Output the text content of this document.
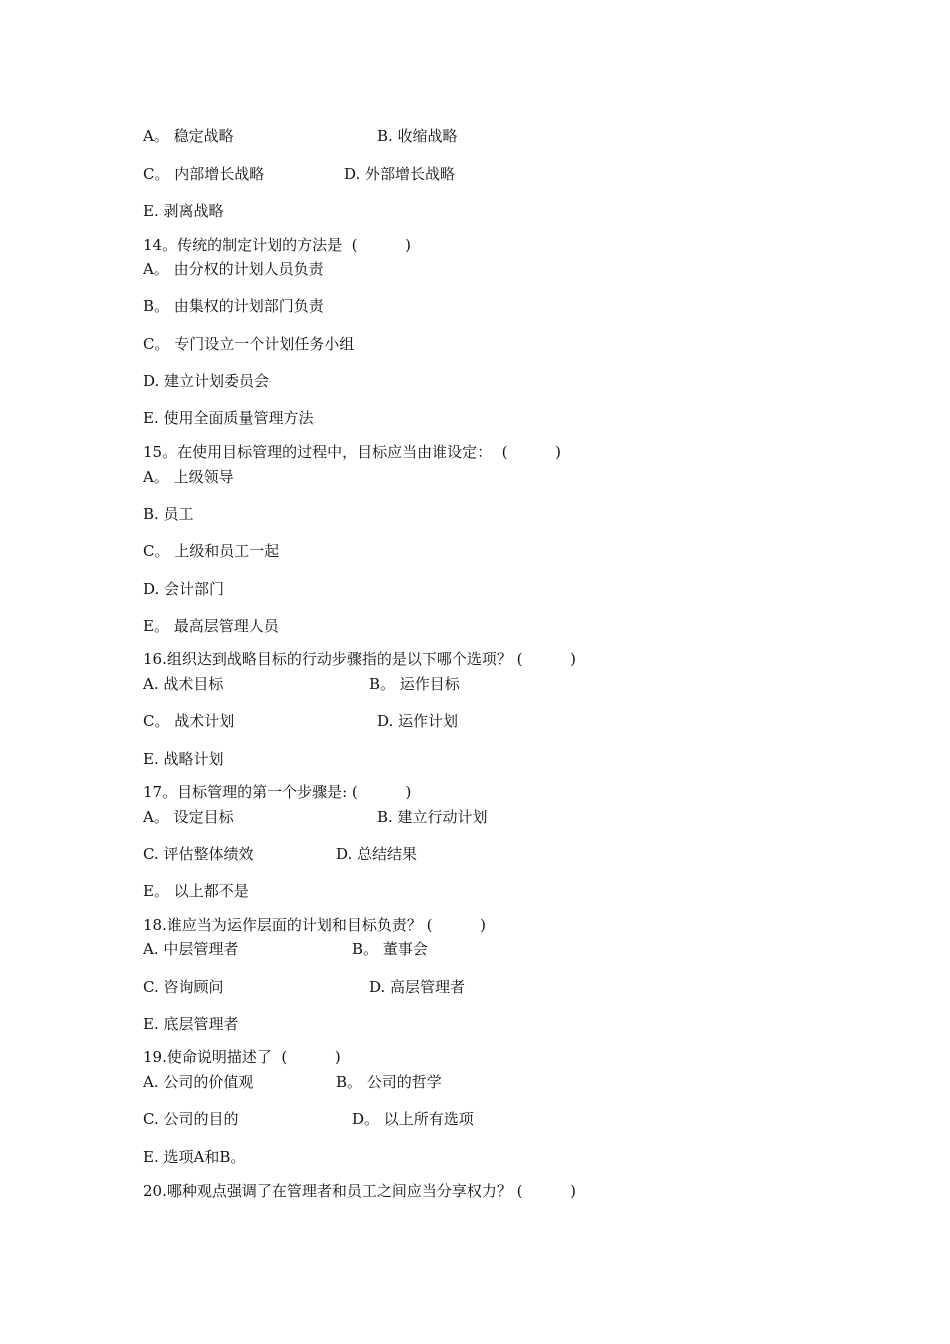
A。 稳定战略	B. 收缩战略
C。 内部增长战略	D. 外部增长战略
E. 剥离战略
14。传统的制定计划的方法是  (          )
A。 由分权的计划人员负责
B。 由集权的计划部门负责
C。 专门设立一个计划任务小组
D. 建立计划委员会
E. 使用全面质量管理方法
15。在使用目标管理的过程中，目标应当由谁设定：  (          )
A。 上级领导
B. 员工
C。 上级和员工一起
D. 会计部门
E。 最高层管理人员
16.组织达到战略目标的行动步骤指的是以下哪个选项？ (          )
A. 战术目标	B。 运作目标
C。 战术计划	D. 运作计划
E. 战略计划
17。目标管理的第一个步骤是: (          )
A。 设定目标	B. 建立行动计划
C. 评估整体绩效	D. 总结结果
E。 以上都不是
18.谁应当为运作层面的计划和目标负责？ (          )
A. 中层管理者	B。 董事会
C. 咨询顾问	D. 高层管理者
E. 底层管理者
19.使命说明描述了  (          )
A. 公司的价值观	B。 公司的哲学
C. 公司的目的	D。 以上所有选项
E. 选项A和B。
20.哪种观点强调了在管理者和员工之间应当分享权力？ (          )
